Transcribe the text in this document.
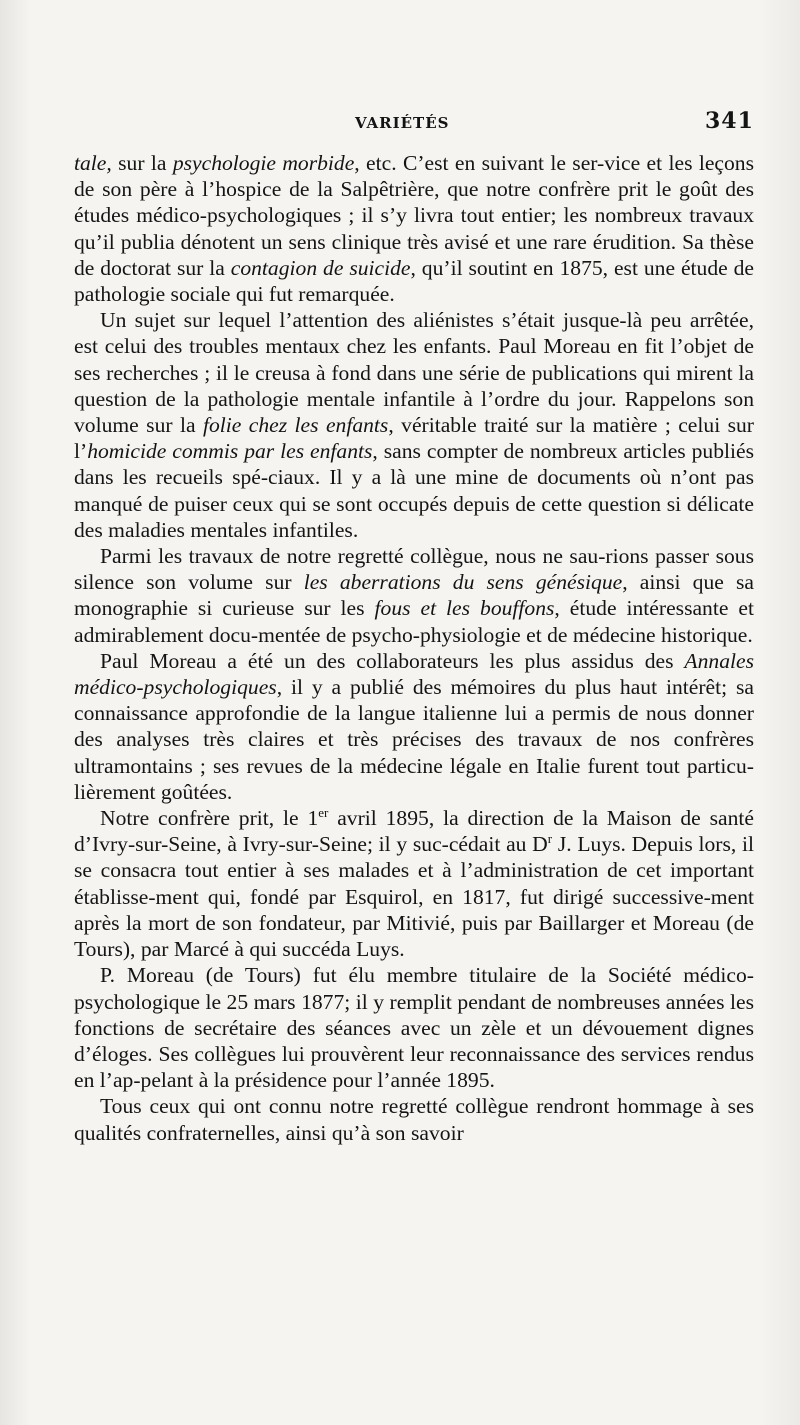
VARIÉTÉS	341

tale, sur la psychologie morbide, etc. C’est en suivant le ser-vice et les leçons de son père à l’hospice de la Salpêtrière, que notre confrère prit le goût des études médico-psychologiques ; il s’y livra tout entier; les nombreux travaux qu’il publia dénotent un sens clinique très avisé et une rare érudition. Sa thèse de doctorat sur la contagion de suicide, qu’il soutint en 1875, est une étude de pathologie sociale qui fut remarquée.

Un sujet sur lequel l’attention des aliénistes s’était jusque-là peu arrêtée, est celui des troubles mentaux chez les enfants. Paul Moreau en fit l’objet de ses recherches ; il le creusa à fond dans une série de publications qui mirent la question de la pathologie mentale infantile à l’ordre du jour. Rappelons son volume sur la folie chez les enfants, véritable traité sur la matière ; celui sur l’homicide commis par les enfants, sans compter de nombreux articles publiés dans les recueils spé-ciaux. Il y a là une mine de documents où n’ont pas manqué de puiser ceux qui se sont occupés depuis de cette question si délicate des maladies mentales infantiles.

Parmi les travaux de notre regretté collègue, nous ne sau-rions passer sous silence son volume sur les aberrations du sens génésique, ainsi que sa monographie si curieuse sur les fous et les bouffons, étude intéressante et admirablement docu-mentée de psycho-physiologie et de médecine historique.

Paul Moreau a été un des collaborateurs les plus assidus des Annales médico-psychologiques, il y a publié des mémoires du plus haut intérêt; sa connaissance approfondie de la langue italienne lui a permis de nous donner des analyses très claires et très précises des travaux de nos confrères ultramontains ; ses revues de la médecine légale en Italie furent tout particu-lièrement goûtées.

Notre confrère prit, le 1er avril 1895, la direction de la Maison de santé d’Ivry-sur-Seine, à Ivry-sur-Seine; il y suc-cédait au $D^r$ J. Luys. Depuis lors, il se consacra tout entier à ses malades et à l’administration de cet important établisse-ment qui, fondé par Esquirol, en 1817, fut dirigé successive-ment après la mort de son fondateur, par Mitivié, puis par Baillarger et Moreau (de Tours), par Marcé à qui succéda Luys.

P. Moreau (de Tours) fut élu membre titulaire de la Société médico-psychologique le 25 mars 1877; il y remplit pendant de nombreuses années les fonctions de secrétaire des séances avec un zèle et un dévouement dignes d’éloges. Ses collègues lui prouvèrent leur reconnaissance des services rendus en l’ap-pelant à la présidence pour l’année 1895.

Tous ceux qui ont connu notre regretté collègue rendront hommage à ses qualités confraternelles, ainsi qu’à son savoir
